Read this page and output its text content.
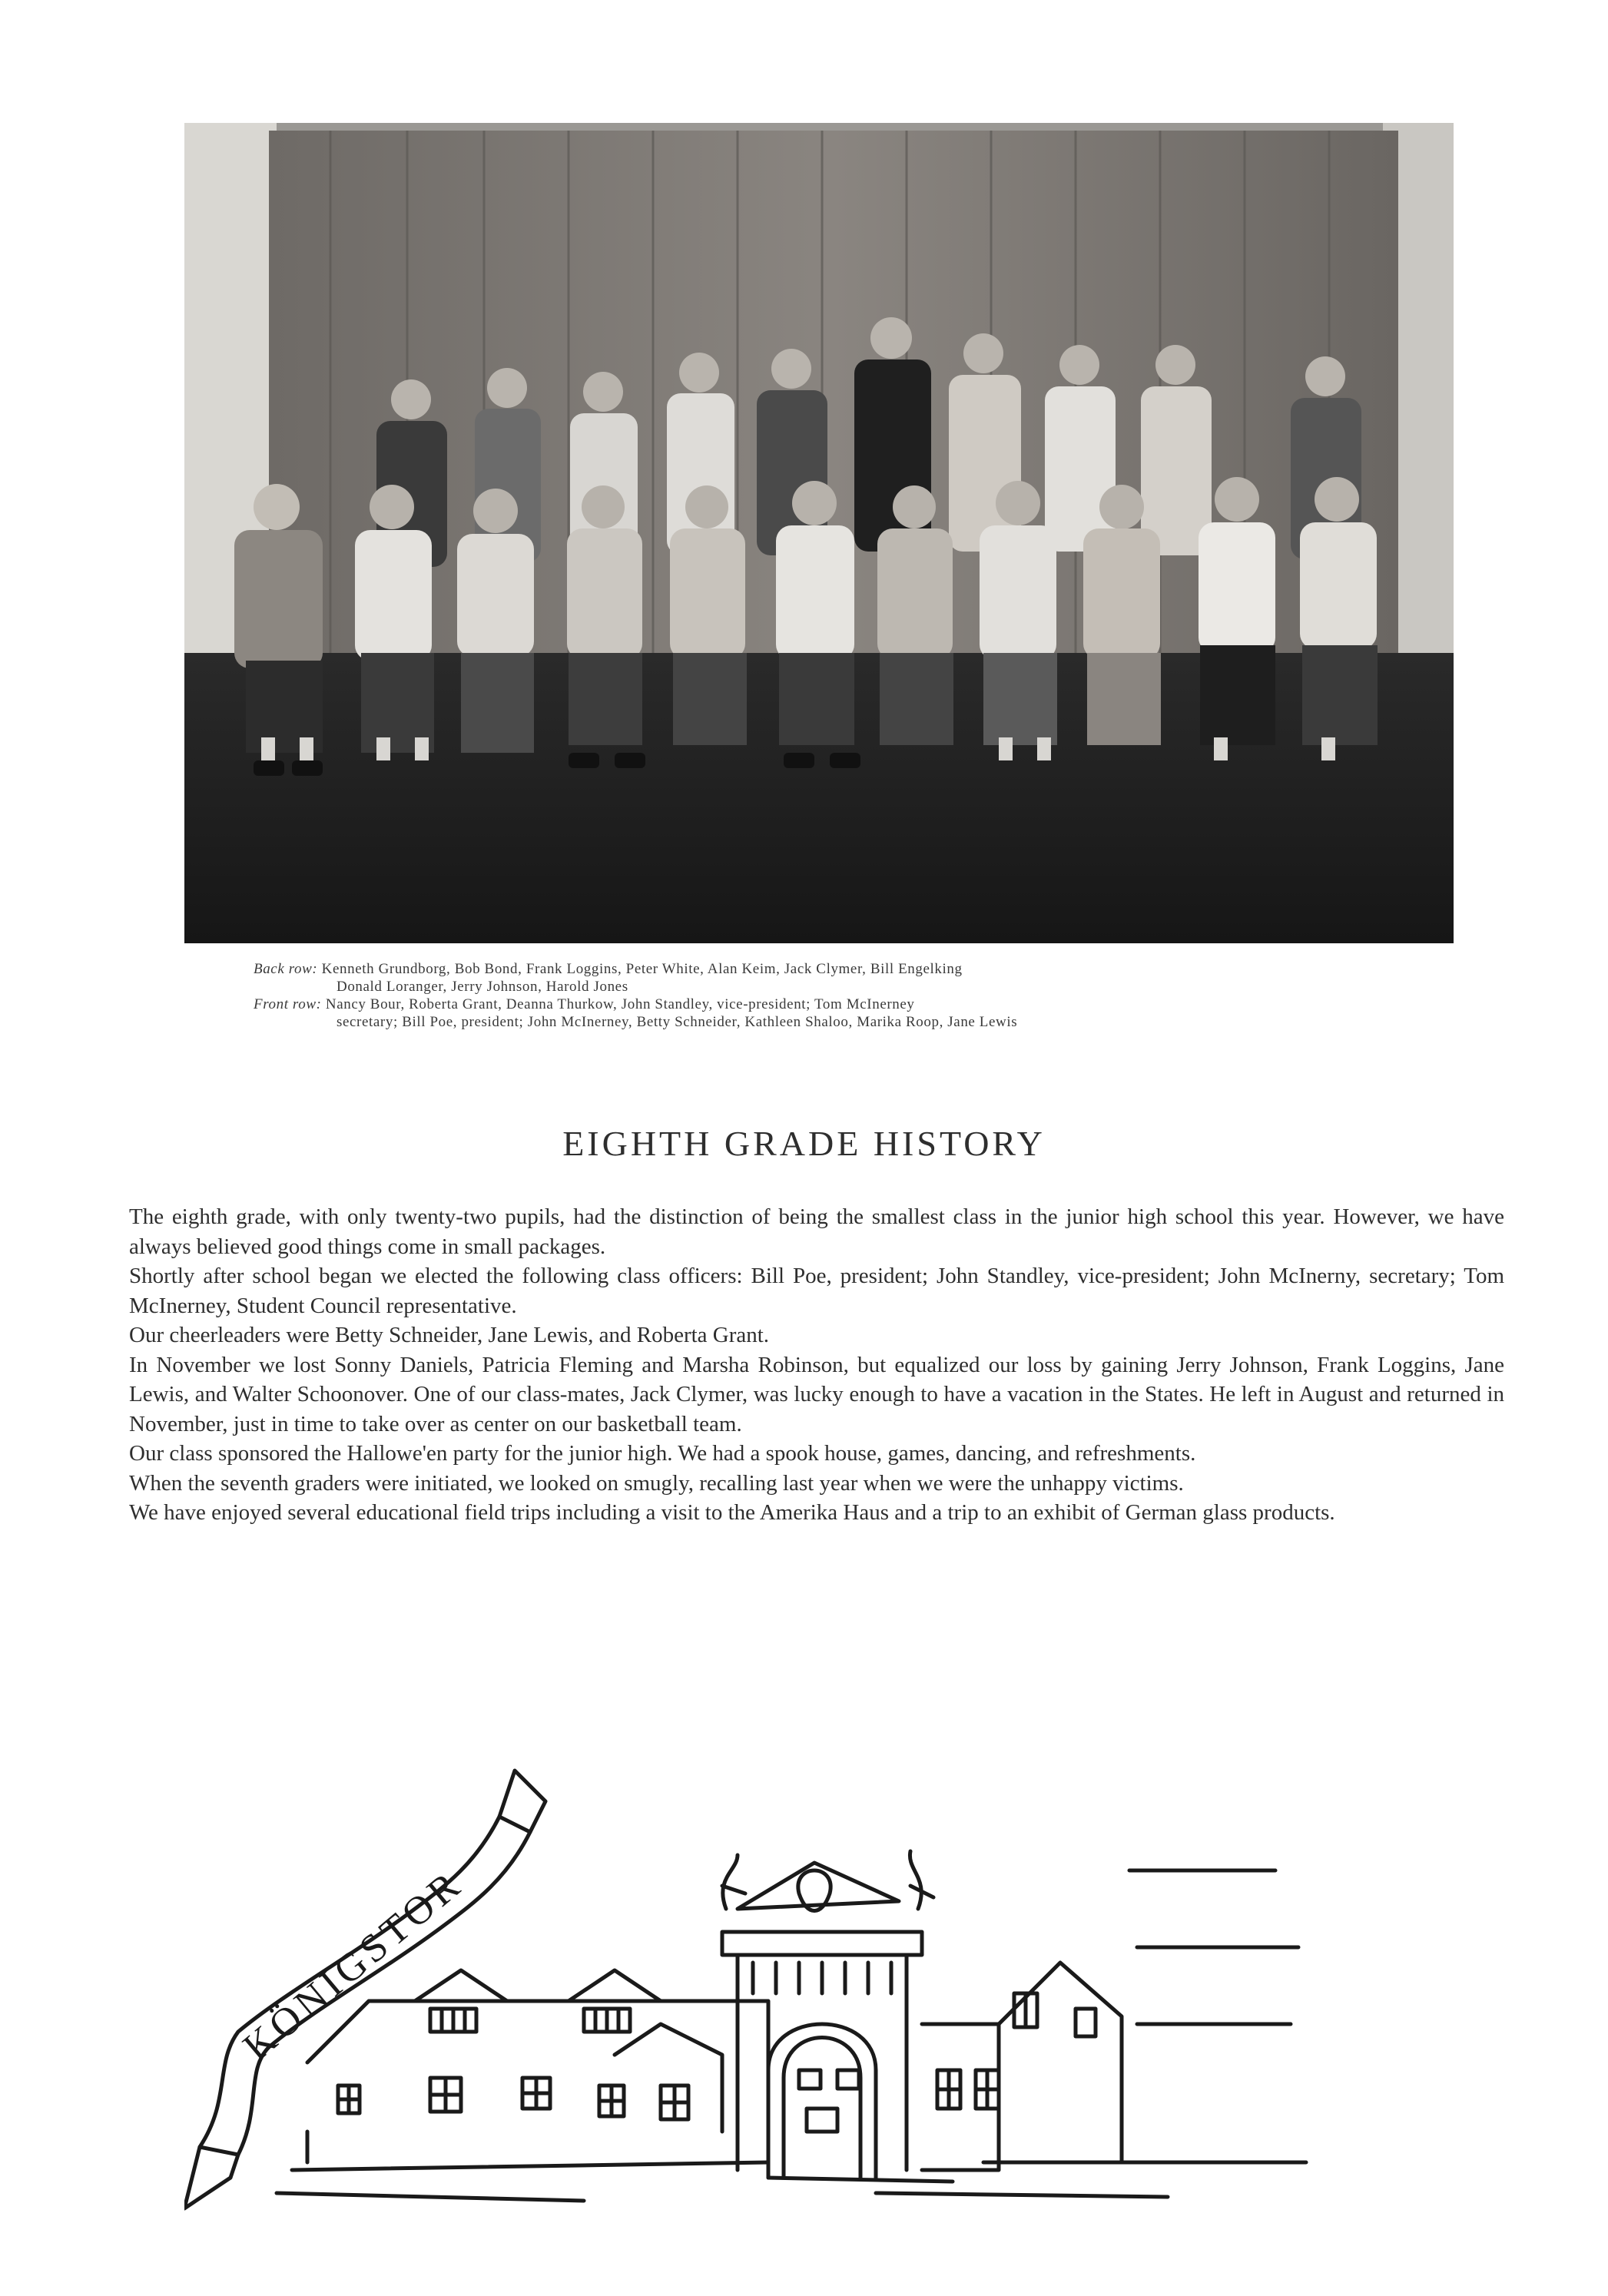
Back row: Kenneth Grundborg, Bob Bond, Frank Loggins, Peter White, Alan Keim, Jack Clymer, Bill Engelking
Donald Loranger, Jerry Johnson, Harold Jones
Front row: Nancy Bour, Roberta Grant, Deanna Thurkow, John Standley, vice-president; Tom McInerney
secretary; Bill Poe, president; John McInerney, Betty Schneider, Kathleen Shaloo, Marika Roop, Jane Lewis
EIGHTH GRADE HISTORY

The eighth grade, with only twenty-two pupils, had the distinction of being the smallest class in the junior high school this year. However, we have always believed good things come in small packages.

Shortly after school began we elected the following class officers: Bill Poe, president; John Standley, vice-president; John McInerny, secretary; Tom McInerney, Student Council representative.

Our cheerleaders were Betty Schneider, Jane Lewis, and Roberta Grant.

In November we lost Sonny Daniels, Patricia Fleming and Marsha Robinson, but equalized our loss by gaining Jerry Johnson, Frank Loggins, Jane Lewis, and Walter Schoonover. One of our class-mates, Jack Clymer, was lucky enough to have a vacation in the States. He left in August and returned in November, just in time to take over as center on our basketball team.

Our class sponsored the Hallowe'en party for the junior high. We had a spook house, games, dancing, and refreshments.

When the seventh graders were initiated, we looked on smugly, recalling last year when we were the unhappy victims.

We have enjoyed several educational field trips including a visit to the Amerika Haus and a trip to an exhibit of German glass products.

KÖNIGSTOR
